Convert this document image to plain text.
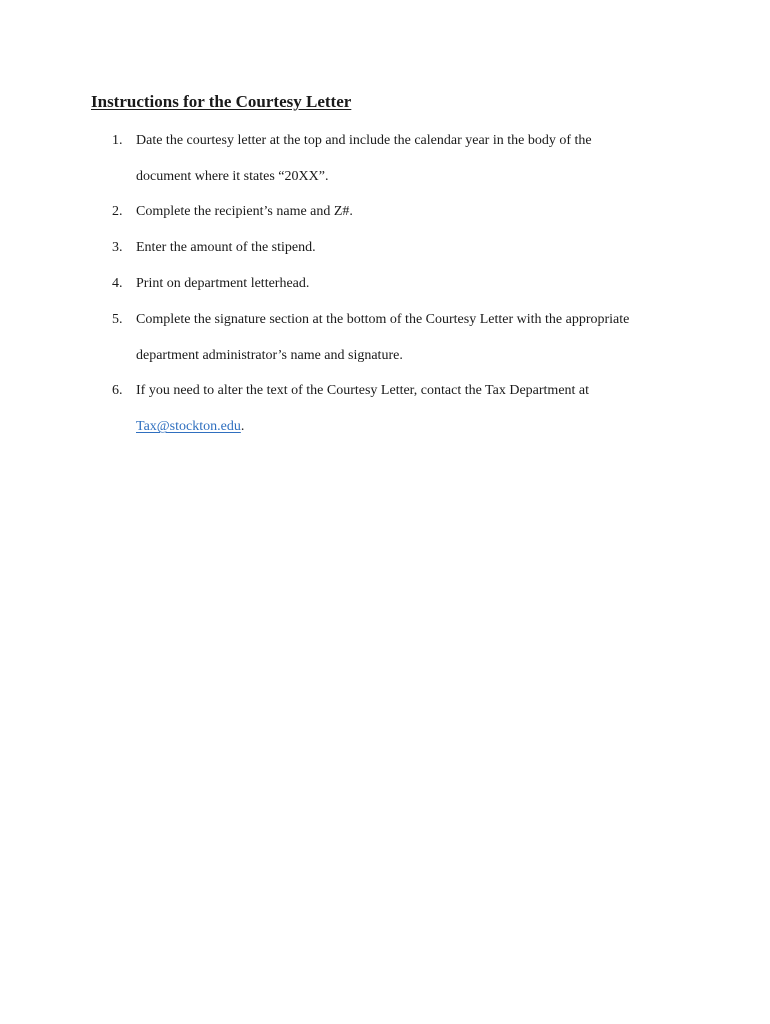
Instructions for the Courtesy Letter
1. Date the courtesy letter at the top and include the calendar year in the body of the
document where it states “20XX”.
2. Complete the recipient’s name and Z#.
3. Enter the amount of the stipend.
4. Print on department letterhead.
5. Complete the signature section at the bottom of the Courtesy Letter with the appropriate
department administrator’s name and signature.
6. If you need to alter the text of the Courtesy Letter, contact the Tax Department at
Tax@stockton.edu.
